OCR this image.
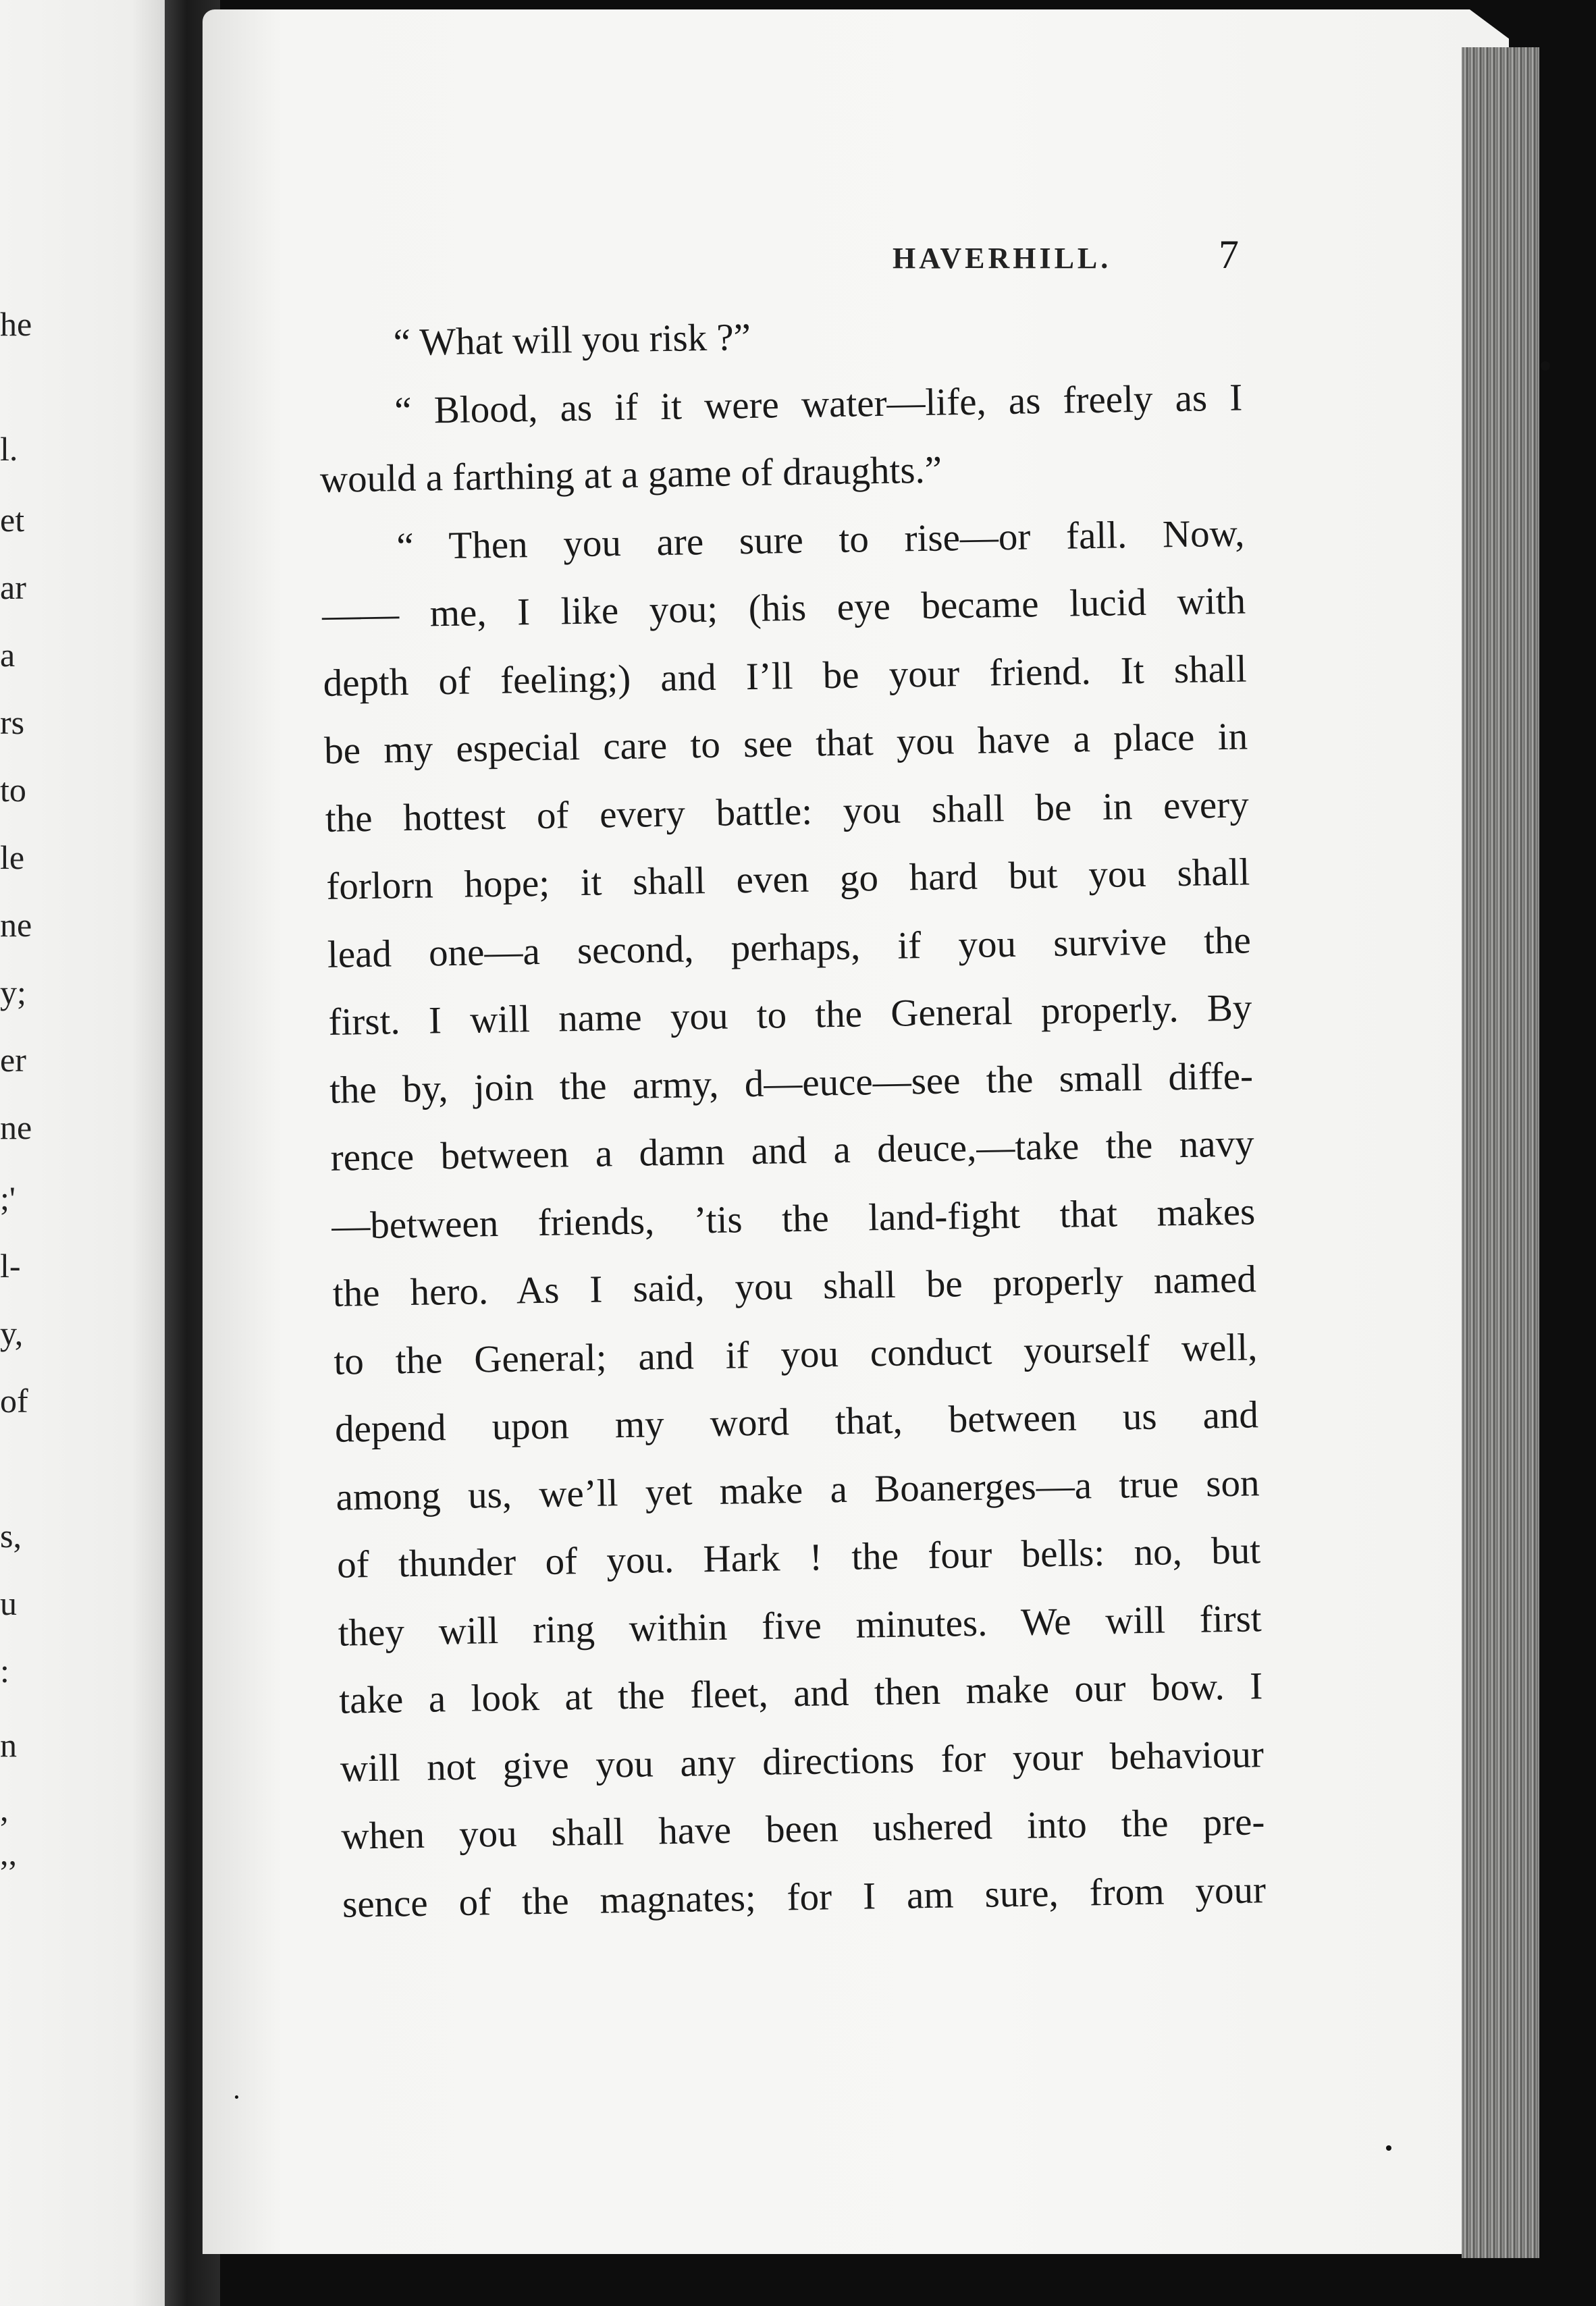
he
l.
et
ar
a
rs
to
le
ne
y;
er
ne
;'
l-
y,
of
s,
u
:
n
,
,,
HAVERHILL.	7
“ What will you risk ?”
“ Blood, as if it were water—life, as freely as I
would a farthing at a game of draughts.”
“ Then you are sure to rise—or fall. Now,
—— me, I like you; (his eye became lucid with
depth of feeling;) and I’ll be your friend. It shall
be my especial care to see that you have a place in
the hottest of every battle: you shall be in every
forlorn hope; it shall even go hard but you shall
lead one—a second, perhaps, if you survive the
first. I will name you to the General properly. By
the by, join the army, d—euce—see the small diffe-
rence between a damn and a deuce,—take the navy
—between friends, ’tis the land-fight that makes
the hero. As I said, you shall be properly named
to the General; and if you conduct yourself well,
depend upon my word that, between us and
among us, we’ll yet make a Boanerges—a true son
of thunder of you. Hark ! the four bells: no, but
they will ring within five minutes. We will first
take a look at the fleet, and then make our bow. I
will not give you any directions for your behaviour
when you shall have been ushered into the pre-
sence of the magnates; for I am sure, from your
